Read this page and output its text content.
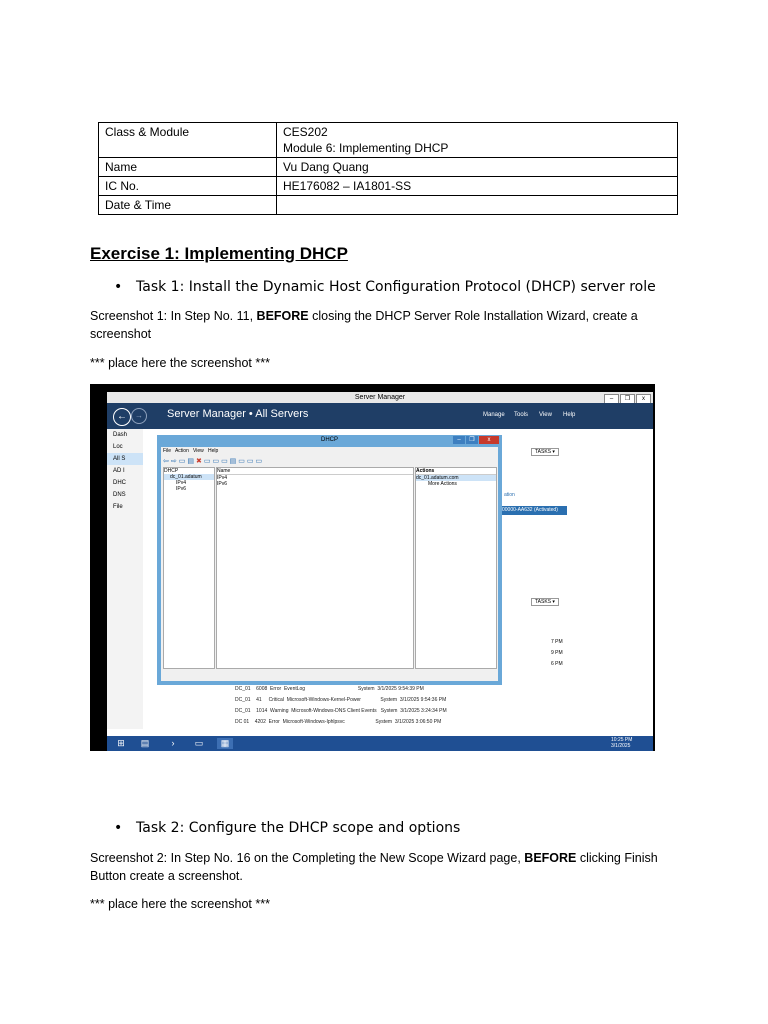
Class & Module	CES202
Module 6: Implementing DHCP

Name	Vu Dang Quang
IC No.	HE176082 – IA1801-SS
Date & Time	
Exercise 1: Implementing DHCP
• Task 1: Install the Dynamic Host Configuration Protocol (DHCP) server role
Screenshot 1: In Step No. 11, BEFORE closing the DHCP Server Role Installation Wizard, create a
screenshot
*** place here the screenshot ***
Server Manager	– ❐ x
←	→	Server Manager • All Servers	Manage Tools View Help
Dash
Loc
All S
AD I
DHC
DNS
File
TASKS ▾
TASKS ▾
ation
00000-AA632 (Activated)
7 PM
9 PM
6 PM
DC_01 6008 Error EventLog	System 3/1/2025 9:54:39 PM
DC_01 41 Critical Microsoft-Windows-Kernel-Power	System 3/1/2025 9:54:36 PM
DC_01 1014 Warning Microsoft-Windows-DNS Client Events System 3/1/2025 3:24:34 PM
DC 01 4202 Error Microsoft-Windows-Iphlpsvc	System 3/1/2025 3:06:50 PM
DHCP	–	❐	x
File Action View Help
⇦⇨▭▤✖▭▭▭▤▭▭▭
DHCP
dc_01.adatum
IPv4
IPv6
Name
IPv4
IPv6
Actions
dc_01.adatum.com
More Actions
⊞	▤	›	▭	▦	10:25 PM
3/1/2025
• Task 2: Configure the DHCP scope and options
Screenshot 2: In Step No. 16 on the Completing the New Scope Wizard page, BEFORE clicking Finish
Button create a screenshot.
*** place here the screenshot ***
